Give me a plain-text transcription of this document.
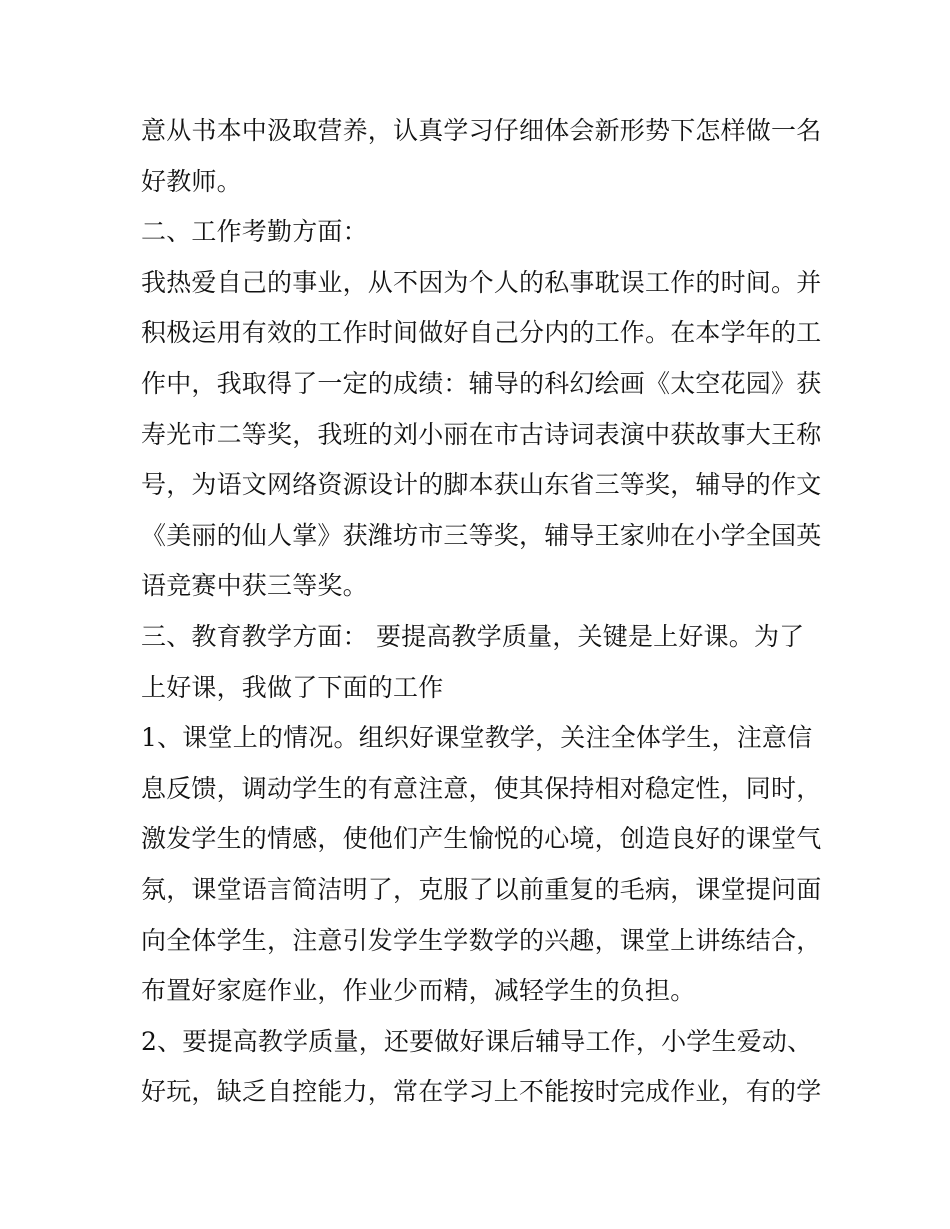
意从书本中汲取营养，认真学习仔细体会新形势下怎样做一名
好教师。
二、工作考勤方面：
我热爱自己的事业，从不因为个人的私事耽误工作的时间。并
积极运用有效的工作时间做好自己分内的工作。在本学年的工
作中，我取得了一定的成绩：辅导的科幻绘画《太空花园》获
寿光市二等奖，我班的刘小丽在市古诗词表演中获故事大王称
号，为语文网络资源设计的脚本获山东省三等奖，辅导的作文
《美丽的仙人掌》获潍坊市三等奖，辅导王家帅在小学全国英
语竞赛中获三等奖。
三、教育教学方面： 要提高教学质量，关键是上好课。为了
上好课，我做了下面的工作
1、课堂上的情况。组织好课堂教学，关注全体学生，注意信
息反馈，调动学生的有意注意，使其保持相对稳定性，同时，
激发学生的情感，使他们产生愉悦的心境，创造良好的课堂气
氛，课堂语言简洁明了，克服了以前重复的毛病，课堂提问面
向全体学生，注意引发学生学数学的兴趣，课堂上讲练结合，
布置好家庭作业，作业少而精，减轻学生的负担。
2、要提高教学质量，还要做好课后辅导工作，小学生爱动、
好玩，缺乏自控能力，常在学习上不能按时完成作业，有的学
